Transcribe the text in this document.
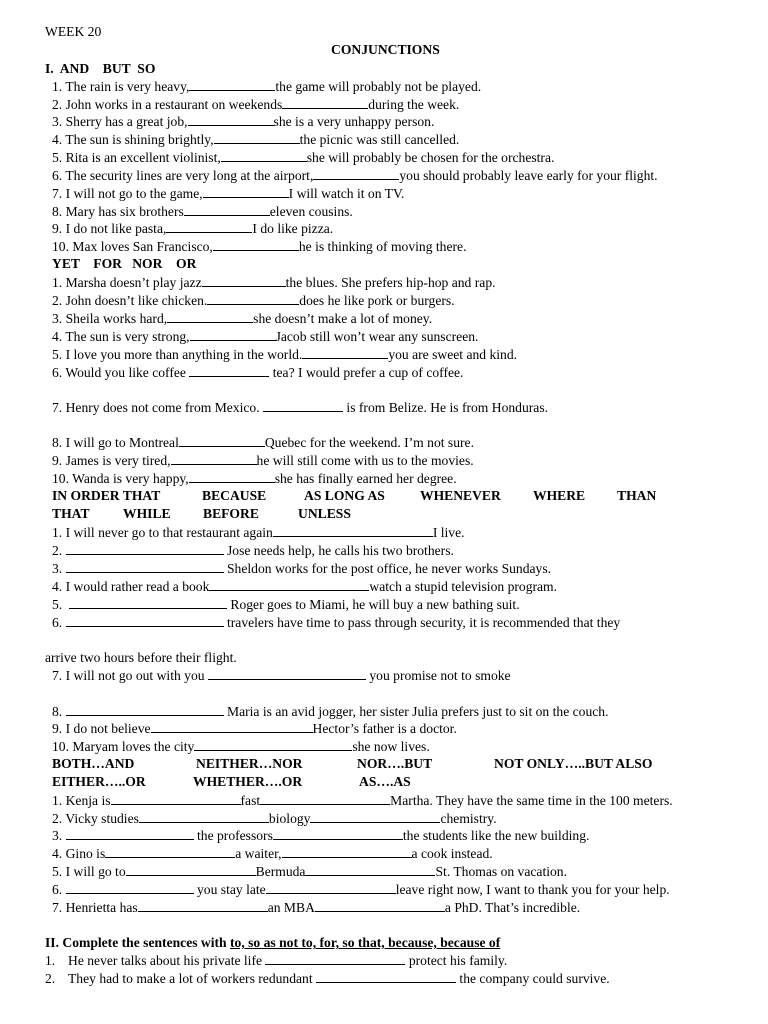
WEEK 20
CONJUNCTIONS
I.  AND    BUT  SO
1. The rain is very heavy,	the game will probably not be played.
2. John works in a restaurant on weekends	during the week.
3. Sherry has a great job,	she is a very unhappy person.
4. The sun is shining brightly,	the picnic was still cancelled.
5. Rita is an excellent violinist,	she will probably be chosen for the orchestra.
6. The security lines are very long at the airport,	you should probably leave early for your flight.
7. I will not go to the game,	I will watch it on TV.
8. Mary has six brothers	eleven cousins.
9. I do not like pasta,	I do like pizza.
10. Max loves San Francisco,	he is thinking of moving there.
YET    FOR   NOR    OR
1. Marsha doesn’t play jazz	the blues. She prefers hip-hop and rap.
2. John doesn’t like chicken.	does he like pork or burgers.
3. Sheila works hard,	she doesn’t make a lot of money.
4. The sun is very strong,	Jacob still won’t wear any sunscreen.
5. I love you more than anything in the world.	you are sweet and kind.
6. Would you like coffee	tea? I would prefer a cup of coffee.
7. Henry does not come from Mexico.	is from Belize. He is from Honduras.
8. I will go to Montreal	Quebec for the weekend. I’m not sure.
9. James is very tired,	he will still come with us to the movies.
10. Wanda is very happy,	she has finally earned her degree.
IN ORDER THAT	BECAUSE	AS LONG AS	WHENEVER WHERE THAN
THAT WHILE BEFORE	UNLESS
1. I will never go to that restaurant again	I live.
2.	Jose needs help, he calls his two brothers.
3.	Sheldon works for the post office, he never works Sundays.
4. I would rather read a book	watch a stupid television program.
5.	Roger goes to Miami, he will buy a new bathing suit.
6.	travelers have time to pass through security, it is recommended that they
arrive two hours before their flight.
7. I will not go out with you	you promise not to smoke
8.	Maria is an avid jogger, her sister Julia prefers just to sit on the couch.
9. I do not believe	Hector’s father is a doctor.
10. Maryam loves the city	she now lives.
BOTH…AND	NEITHER…NOR	NOR….BUT	NOT ONLY…..BUT ALSO
EITHER…..OR	WHETHER….OR	AS….AS
1. Kenja is	fast	Martha. They have the same time in the 100 meters.
2. Vicky studies	biology	chemistry.
3.	the professors	the students like the new building.
4. Gino is	a waiter,	a cook instead.
5. I will go to	Bermuda	St. Thomas on vacation.
6.	you stay late	leave right now, I want to thank you for your help.
7. Henrietta has	an MBA	a PhD. That’s incredible.
II. Complete the sentences with to, so as not to, for, so that, because, because of
1. He never talks about his private life	protect his family.
2. They had to make a lot of workers redundant	the company could survive.
